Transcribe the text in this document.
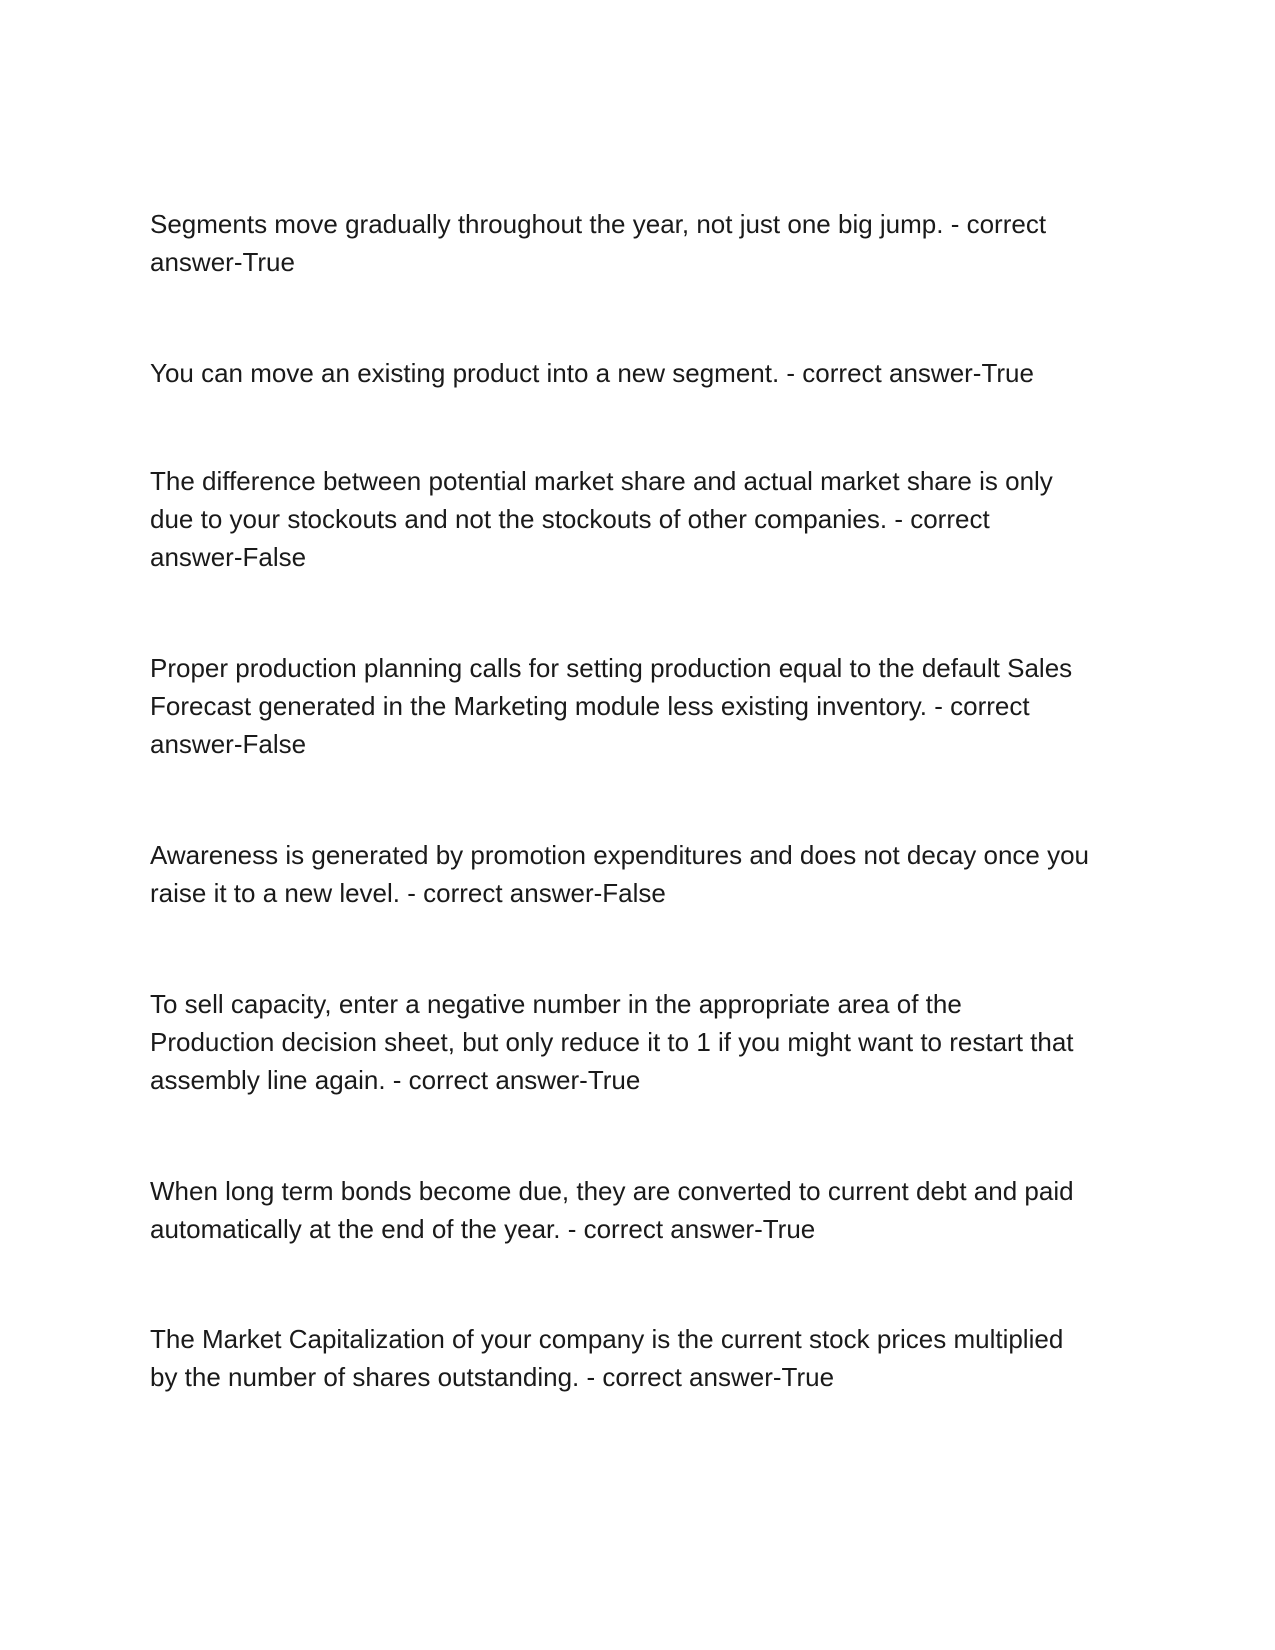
Segments move gradually throughout the year, not just one big jump. - correct
answer-True

You can move an existing product into a new segment. - correct answer-True

The difference between potential market share and actual market share is only
due to your stockouts and not the stockouts of other companies. - correct
answer-False

Proper production planning calls for setting production equal to the default Sales
Forecast generated in the Marketing module less existing inventory. - correct
answer-False

Awareness is generated by promotion expenditures and does not decay once you
raise it to a new level. - correct answer-False

To sell capacity, enter a negative number in the appropriate area of the
Production decision sheet, but only reduce it to 1 if you might want to restart that
assembly line again. - correct answer-True

When long term bonds become due, they are converted to current debt and paid
automatically at the end of the year. - correct answer-True

The Market Capitalization of your company is the current stock prices multiplied
by the number of shares outstanding. - correct answer-True
